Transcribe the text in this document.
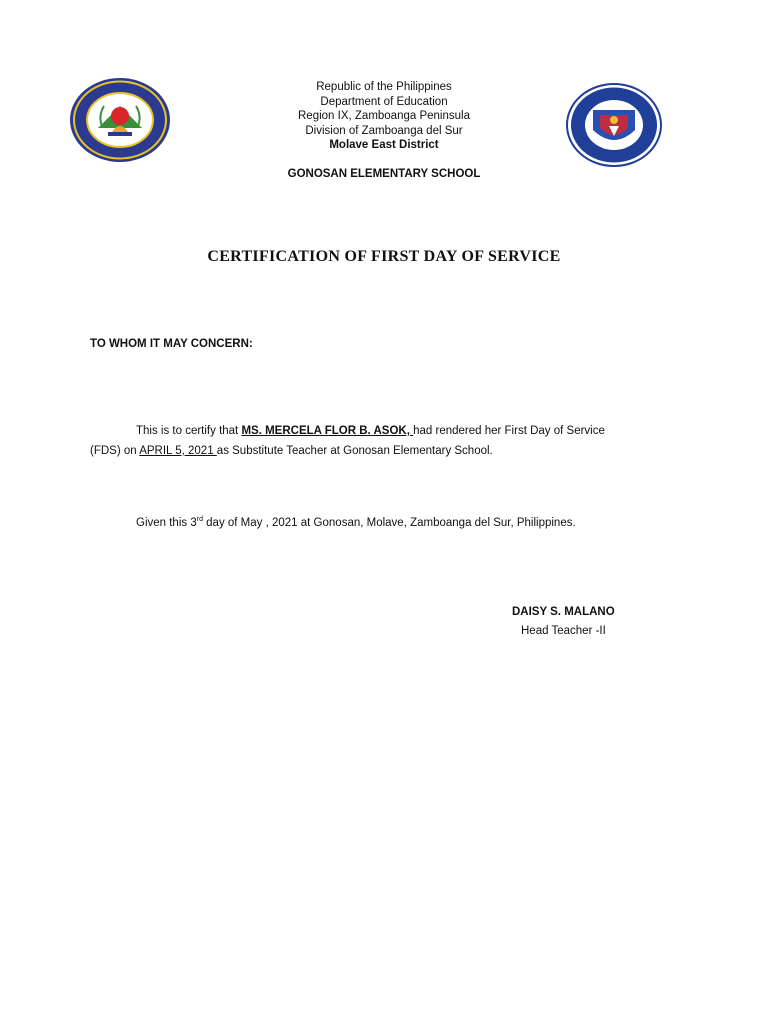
Republic of the Philippines
Department of Education
Region IX, Zamboanga Peninsula
Division of Zamboanga del Sur
Molave East District
GONOSAN ELEMENTARY SCHOOL
CERTIFICATION OF FIRST DAY OF SERVICE
TO WHOM IT MAY CONCERN:
This is to certify that MS. MERCELA FLOR B. ASOK, had rendered her First Day of Service (FDS) on APRIL 5, 2021 as Substitute Teacher at Gonosan Elementary School.
Given this 3rd day of May , 2021 at Gonosan, Molave, Zamboanga del Sur, Philippines.
DAISY S. MALANO
Head Teacher -II
